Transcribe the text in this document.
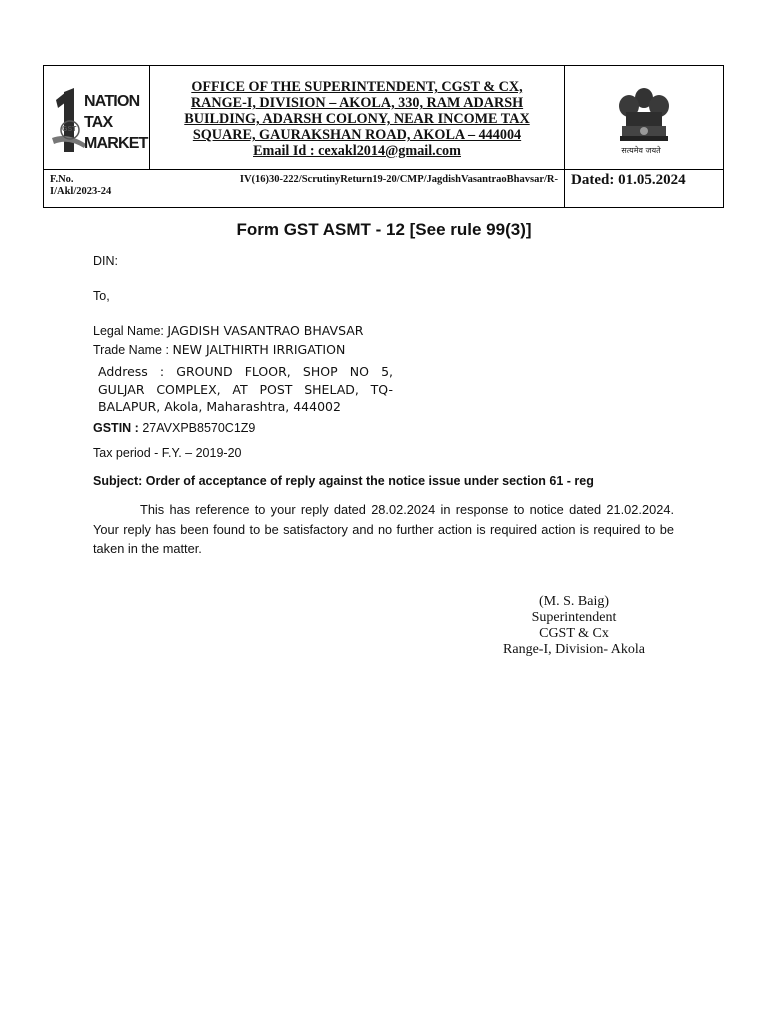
GST
NATION
TAX
MARKET
OFFICE OF THE SUPERINTENDENT, CGST & CX,
RANGE-I, DIVISION – AKOLA, 330, RAM ADARSH
BUILDING, ADARSH COLONY, NEAR INCOME TAX
SQUARE, GAURAKSHAN ROAD, AKOLA – 444004
Email Id : cexakl2014@gmail.com	सत्यमेव जयते
F.No.	IV(16)30-222/ScrutinyReturn19-20/CMP/JagdishVasantraoBhavsar/R-
I/Akl/2023-24
Dated: 01.05.2024
Form GST ASMT - 12 [See rule 99(3)]
DIN:
To,
Legal Name: JAGDISH VASANTRAO BHAVSAR
Trade Name : NEW JALTHIRTH IRRIGATION
Address : GROUND FLOOR, SHOP NO 5, GULJAR COMPLEX, AT POST SHELAD, TQ-BALAPUR, Akola, Maharashtra, 444002
GSTIN : 27AVXPB8570C1Z9
Tax period - F.Y. – 2019-20
Subject: Order of acceptance of reply against the notice issue under section 61 - reg
This has reference to your reply dated 28.02.2024 in response to notice dated 21.02.2024. Your reply has been found to be satisfactory and no further action is required action is required to be taken in the matter.
(M. S. Baig)
Superintendent
CGST & Cx
Range-I, Division- Akola
